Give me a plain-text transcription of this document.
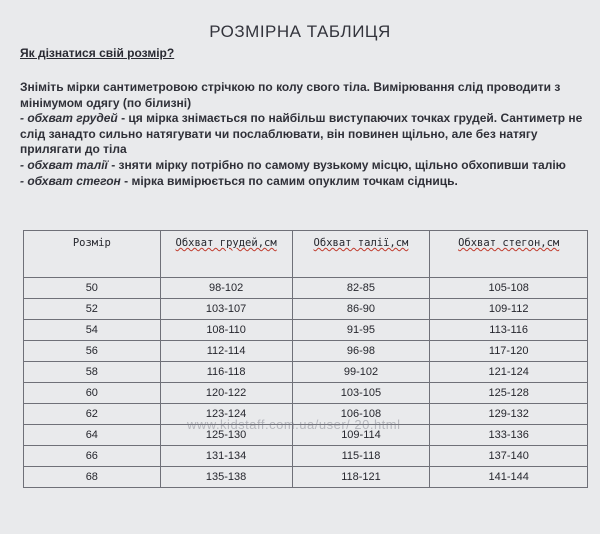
РОЗМІРНА ТАБЛИЦЯ
Як дізнатися свій розмір?

Зніміть мірки сантиметровою стрічкою по колу свого тіла. Вимірювання слід проводити з мінімумом одягу (по білизні)

- обхват грудей - ця мірка знімається по найбільш виступаючих точках грудей. Сантиметр не слід занадто сильно натягувати чи послаблювати, він повинен щільно, але без натягу прилягати до тіла

- обхват талії - зняти мірку потрібно по самому вузькому місцю, щільно обхопивши талію

- обхват стегон - мірка вимірюється по самим опуклим точкам сідниць.

Розмір	Обхват грудей,см	Обхват талії,см	Обхват стегон,см
50	98-102	82-85	105-108
52	103-107	86-90	109-112
54	108-110	91-95	113-116
56	112-114	96-98	117-120
58	116-118	99-102	121-124
60	120-122	103-105	125-128
62	123-124	106-108	129-132
64	125-130	109-114	133-136
66	131-134	115-118	137-140
68	135-138	118-121	141-144
www.kidstaff.com.ua/user/ 20.html
